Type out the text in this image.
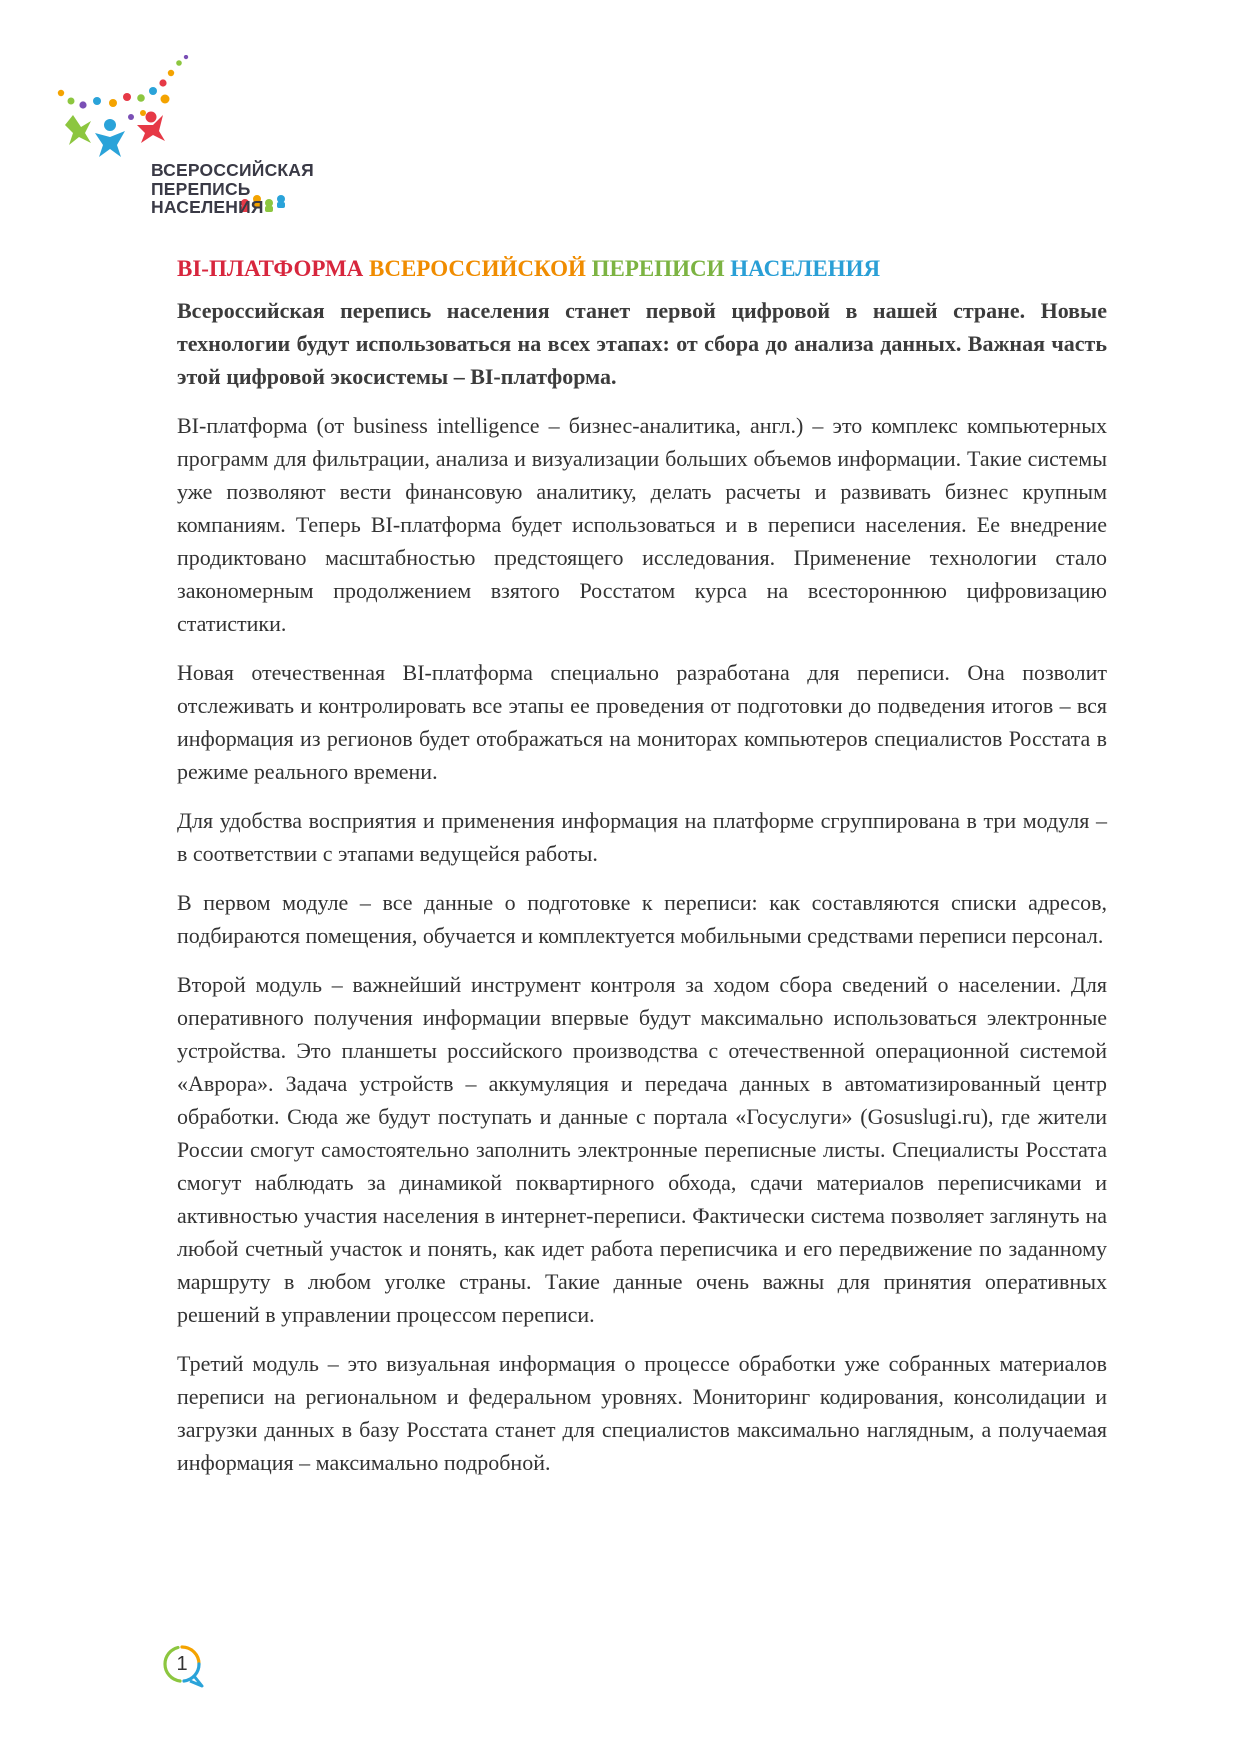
ВСЕРОССИЙСКАЯ
ПЕРЕПИСЬ
НАСЕЛЕНИЯ
BI-ПЛАТФОРМА ВСЕРОССИЙСКОЙ ПЕРЕПИСИ НАСЕЛЕНИЯ

Всероссийская перепись населения станет первой цифровой в нашей стране. Новые технологии будут использоваться на всех этапах: от сбора до анализа данных. Важная часть этой цифровой экосистемы – BI-платформа.

BI-платформа (от business intelligence – бизнес-аналитика, англ.) – это комплекс компьютерных программ для фильтрации, анализа и визуализации больших объемов информации. Такие системы уже позволяют вести финансовую аналитику, делать расчеты и развивать бизнес крупным компаниям. Теперь BI-платформа будет использоваться и в переписи населения. Ее внедрение продиктовано масштабностью предстоящего исследования. Применение технологии стало закономерным продолжением взятого Росстатом курса на всестороннюю цифровизацию статистики.

Новая отечественная BI-платформа специально разработана для переписи. Она позволит отслеживать и контролировать все этапы ее проведения от подготовки до подведения итогов – вся информация из регионов будет отображаться на мониторах компьютеров специалистов Росстата в режиме реального времени.

Для удобства восприятия и применения информация на платформе сгруппирована в три модуля – в соответствии с этапами ведущейся работы.

В первом модуле – все данные о подготовке к переписи: как составляются списки адресов, подбираются помещения, обучается и комплектуется мобильными средствами переписи персонал.

Второй модуль – важнейший инструмент контроля за ходом сбора сведений о населении. Для оперативного получения информации впервые будут максимально использоваться электронные устройства. Это планшеты российского производства с отечественной операционной системой «Аврора». Задача устройств – аккумуляция и передача данных в автоматизированный центр обработки. Сюда же будут поступать и данные с портала «Госуслуги» (Gosuslugi.ru), где жители России смогут самостоятельно заполнить электронные переписные листы. Специалисты Росстата смогут наблюдать за динамикой поквартирного обхода, сдачи материалов переписчиками и активностью участия населения в интернет-переписи. Фактически система позволяет заглянуть на любой счетный участок и понять, как идет работа переписчика и его передвижение по заданному маршруту в любом уголке страны. Такие данные очень важны для принятия оперативных решений в управлении процессом переписи.

Третий модуль – это визуальная информация о процессе обработки уже собранных материалов переписи на региональном и федеральном уровнях. Мониторинг кодирования, консолидации и загрузки данных в базу Росстата станет для специалистов максимально наглядным, а получаемая информация – максимально подробной.

1
